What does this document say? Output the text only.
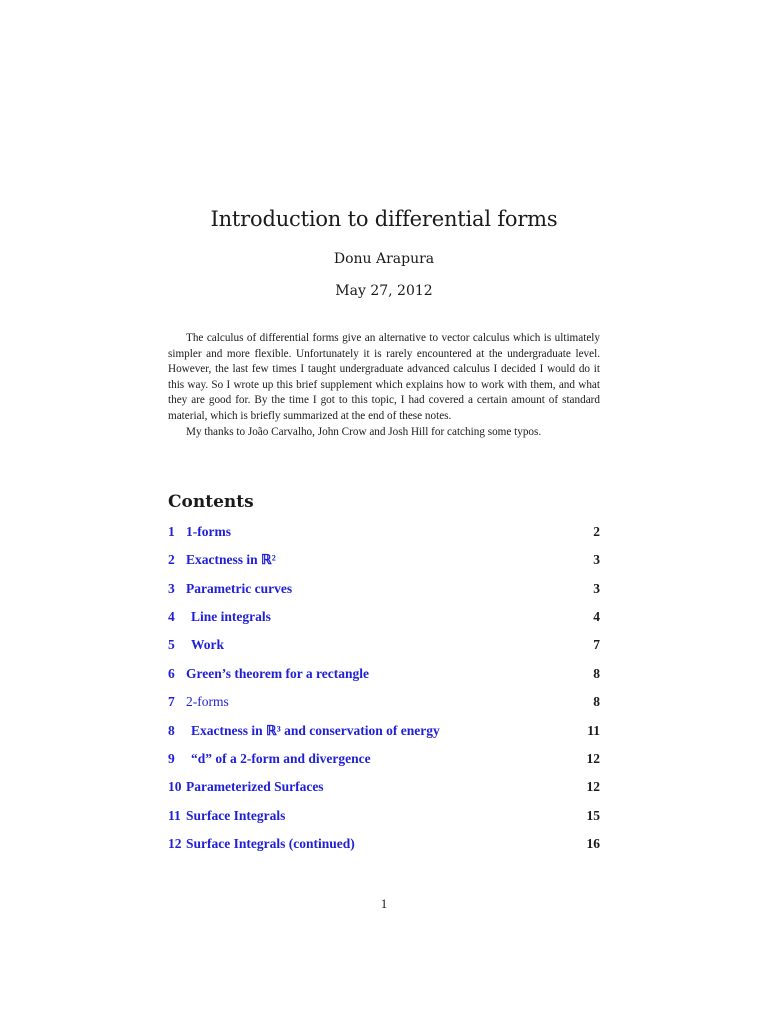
Introduction to differential forms
Donu Arapura
May 27, 2012

The calculus of differential forms give an alternative to vector calculus which is ultimately simpler and more flexible. Unfortunately it is rarely encountered at the undergraduate level. However, the last few times I taught undergraduate advanced calculus I decided I would do it this way. So I wrote up this brief supplement which explains how to work with them, and what they are good for. By the time I got to this topic, I had covered a certain amount of standard material, which is briefly summarized at the end of these notes.

My thanks to João Carvalho, John Crow and Josh Hill for catching some typos.

Contents
1 1-forms	2
2 Exactness in ℝ²	3
3 Parametric curves	3
4	Line integrals	4
5	Work	7
6 Green’s theorem for a rectangle	8
7 2-forms	8
8	Exactness in ℝ³ and conservation of energy	11
9	“d” of a 2-form and divergence	12
10 Parameterized Surfaces	12
11 Surface Integrals	15
12 Surface Integrals (continued)	16
1
